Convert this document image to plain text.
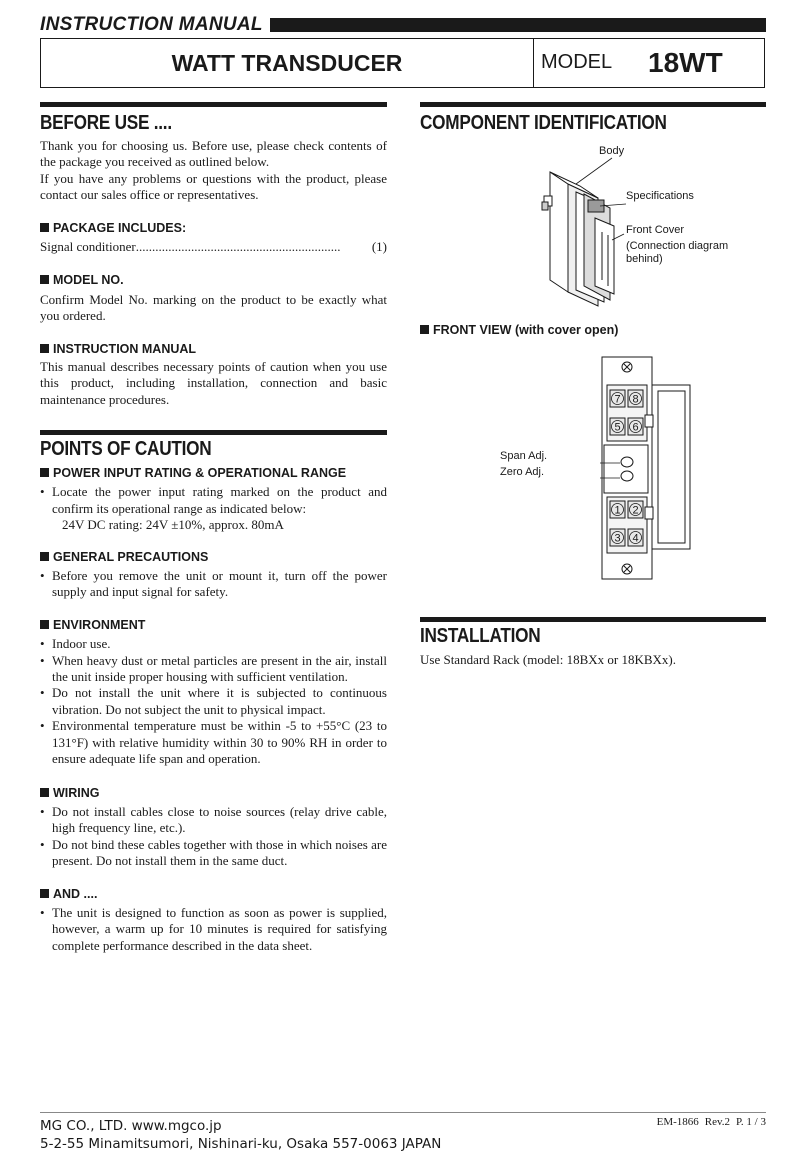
INSTRUCTION MANUAL
WATT TRANSDUCER	MODEL 18WT
BEFORE USE ....

Thank you for choosing us. Before use, please check contents of the package you received as outlined below.

If you have any problems or questions with the product, please contact our sales office or representatives.

PACKAGE INCLUDES:

Signal conditioner ...............................................................	(1)

MODEL NO.

Confirm Model No. marking on the product to be exactly what you ordered.

INSTRUCTION MANUAL

This manual describes necessary points of caution when you use this product, including installation, connection and basic maintenance procedures.

POINTS OF CAUTION

POWER INPUT RATING & OPERATIONAL RANGE

• Locate the power input rating marked on the product and confirm its operational range as indicated below:
24V DC rating: 24V ±10%, approx. 80mA

GENERAL PRECAUTIONS

• Before you remove the unit or mount it, turn off the power supply and input signal for safety.

ENVIRONMENT

• Indoor use.
• When heavy dust or metal particles are present in the air, install the unit inside proper housing with sufficient ventilation.
• Do not install the unit where it is subjected to continuous vibration. Do not subject the unit to physical impact.
• Environmental temperature must be within -5 to +55°C (23 to 131°F) with relative humidity within 30 to 90% RH in order to ensure adequate life span and operation.

WIRING

• Do not install cables close to noise sources (relay drive cable, high frequency line, etc.).
• Do not bind these cables together with those in which noises are present. Do not install them in the same duct.

AND ....

• The unit is designed to function as soon as power is supplied, however, a warm up for 10 minutes is required for satisfying complete performance described in the data sheet.
COMPONENT IDENTIFICATION
Body
Specifications
Front Cover
(Connection diagram
behind)
FRONT VIEW (with cover open)
7 8
5 6
1 2
3 4
Span Adj.
Zero Adj.
INSTALLATION
Use Standard Rack (model: 18BXx or 18KBXx).
MG CO., LTD. www.mgco.jp
5-2-55 Minamitsumori, Nishinari-ku, Osaka 557-0063 JAPAN
EM-1866 Rev.2 P. 1 / 3
